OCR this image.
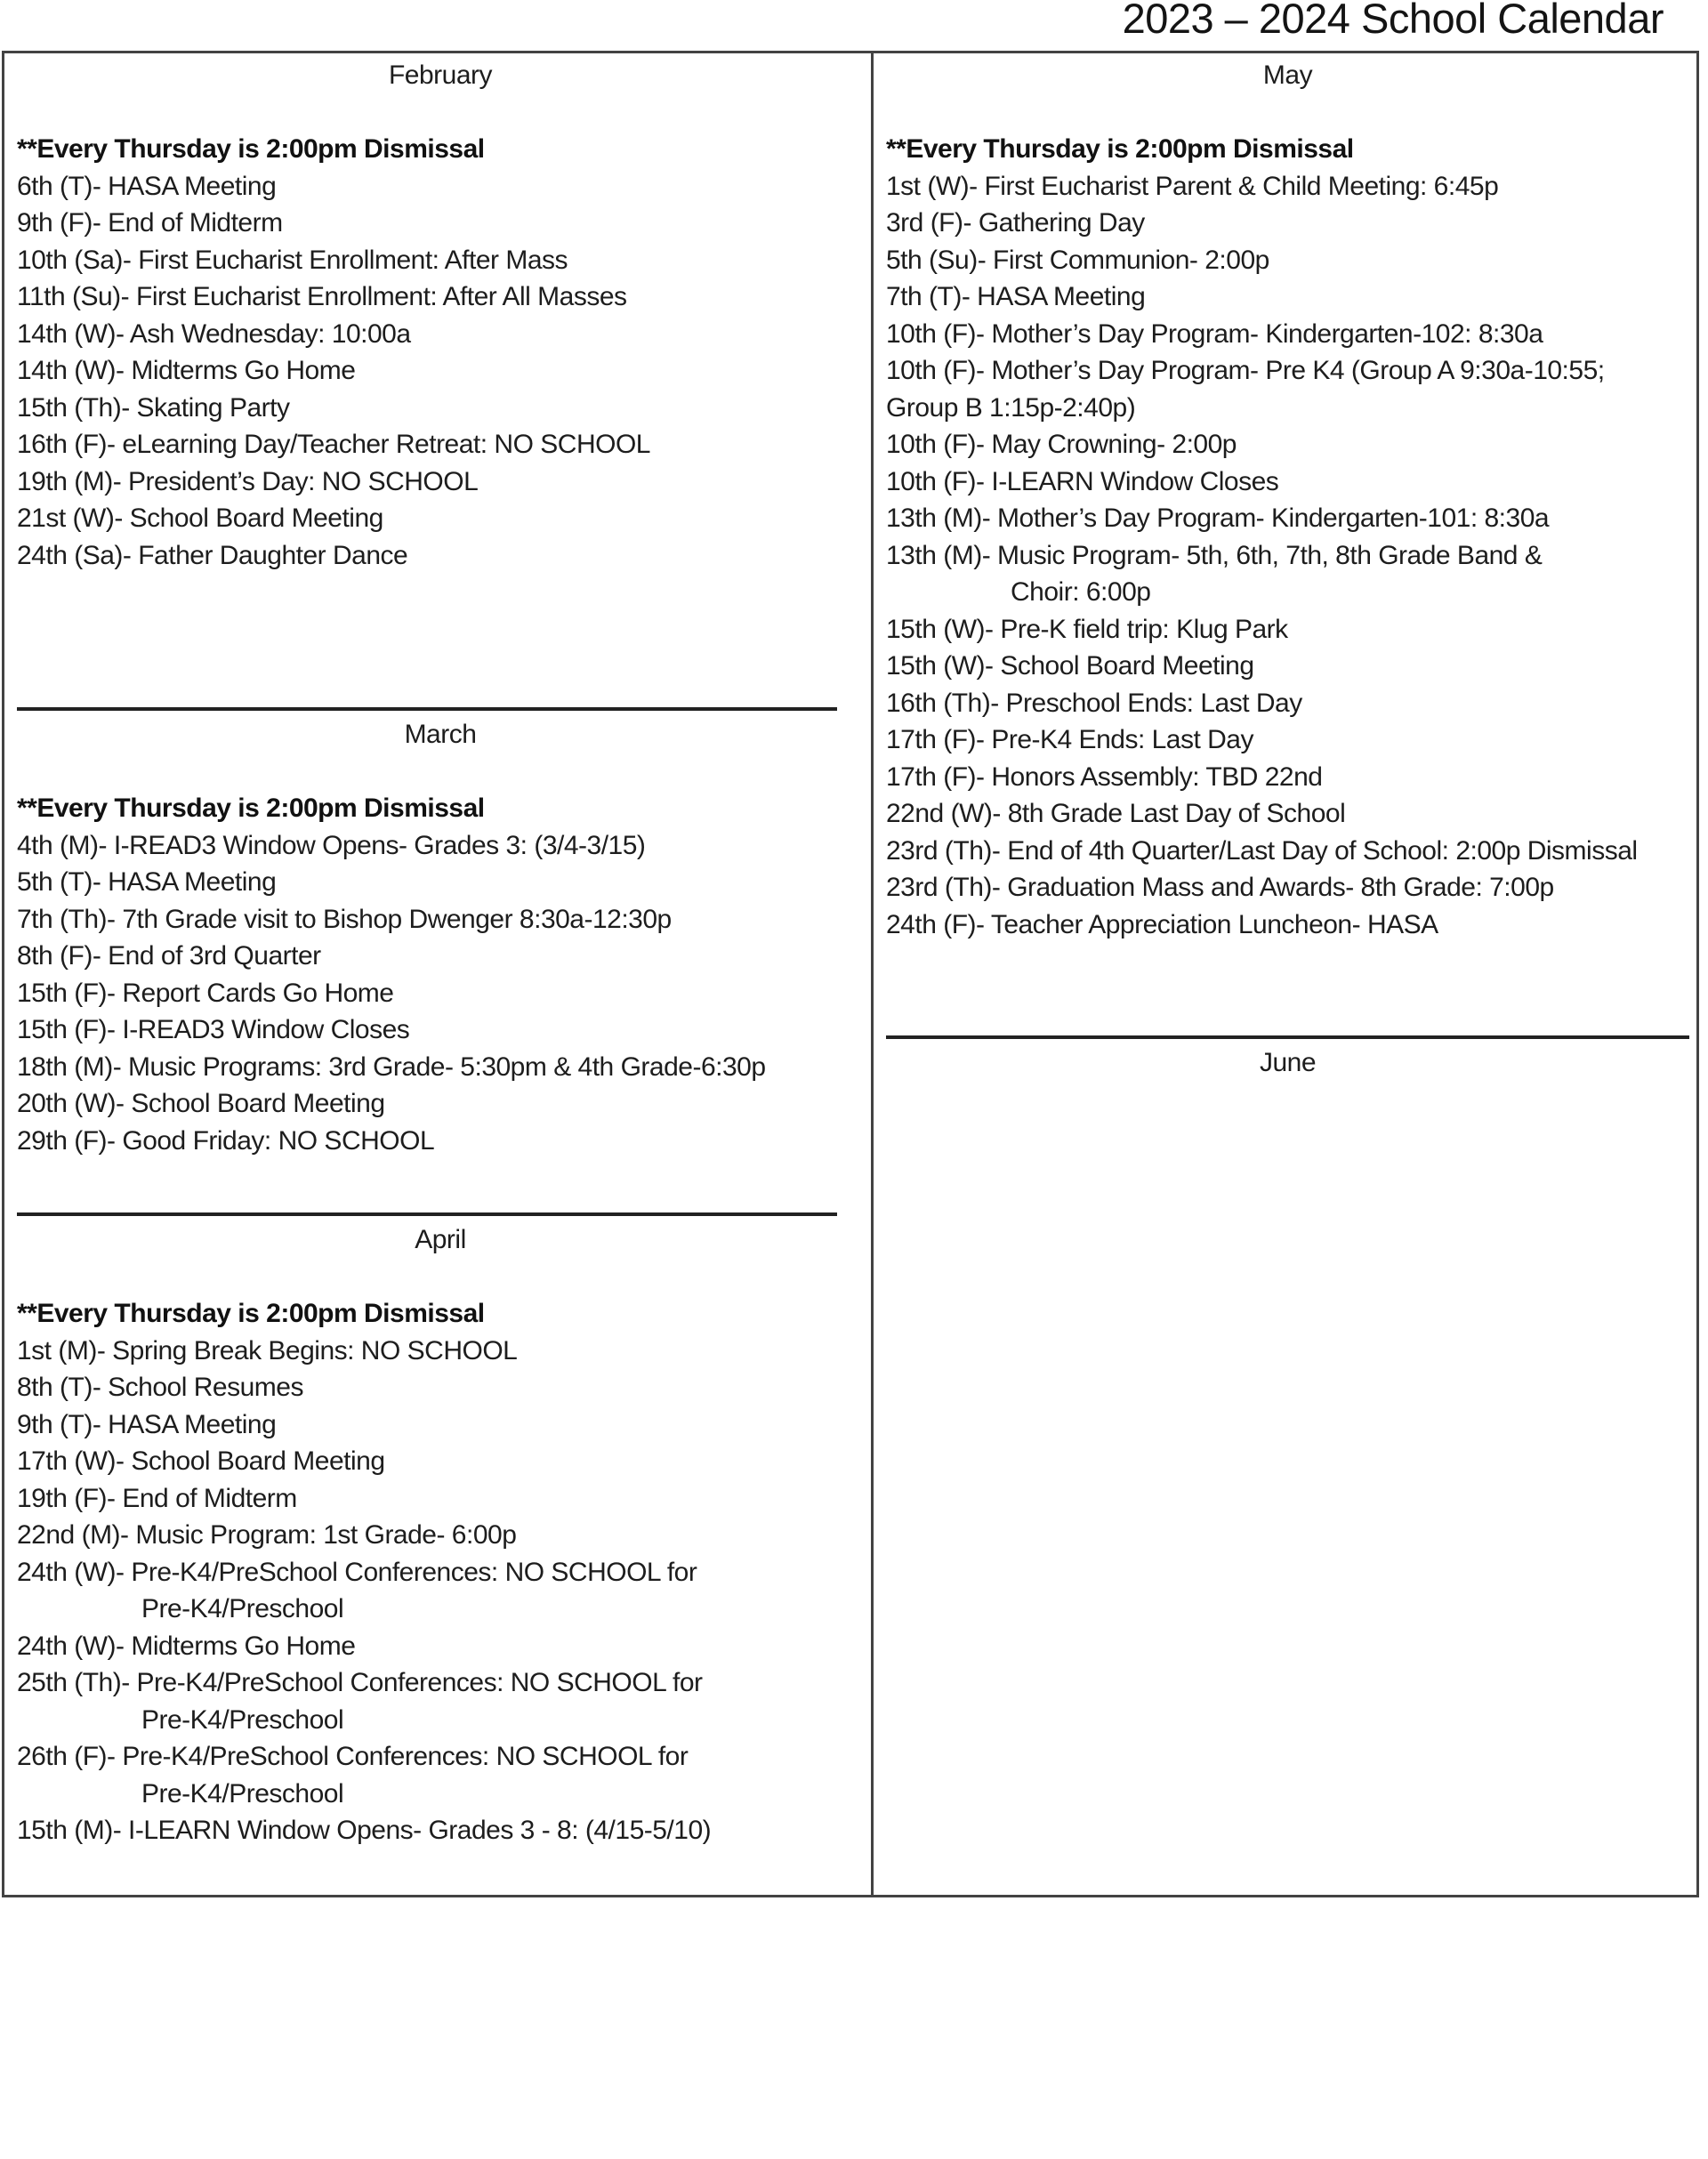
2023 – 2024 School Calendar
February
**Every Thursday is 2:00pm Dismissal
6th (T)- HASA Meeting
9th (F)- End of Midterm
10th (Sa)- First Eucharist Enrollment: After Mass
11th (Su)- First Eucharist Enrollment: After All Masses
14th (W)- Ash Wednesday: 10:00a
14th (W)- Midterms Go Home
15th (Th)- Skating Party
16th (F)- eLearning Day/Teacher Retreat: NO SCHOOL
19th (M)- President’s Day: NO SCHOOL
21st (W)- School Board Meeting
24th (Sa)- Father Daughter Dance
March
**Every Thursday is 2:00pm Dismissal
4th (M)- I-READ3 Window Opens- Grades 3: (3/4-3/15)
5th (T)- HASA Meeting
7th (Th)- 7th Grade visit to Bishop Dwenger 8:30a-12:30p
8th (F)- End of 3rd Quarter
15th (F)- Report Cards Go Home
15th (F)- I-READ3 Window Closes
18th (M)- Music Programs: 3rd Grade- 5:30pm & 4th Grade-6:30p
20th (W)- School Board Meeting
29th (F)- Good Friday: NO SCHOOL
April
**Every Thursday is 2:00pm Dismissal
1st (M)- Spring Break Begins: NO SCHOOL
8th (T)- School Resumes
9th (T)- HASA Meeting
17th (W)- School Board Meeting
19th (F)- End of Midterm
22nd (M)- Music Program: 1st Grade- 6:00p
24th (W)- Pre-K4/PreSchool Conferences: NO SCHOOL for
Pre-K4/Preschool
24th (W)- Midterms Go Home
25th (Th)- Pre-K4/PreSchool Conferences: NO SCHOOL for
Pre-K4/Preschool
26th (F)- Pre-K4/PreSchool Conferences: NO SCHOOL for
Pre-K4/Preschool
15th (M)- I-LEARN Window Opens- Grades 3 - 8: (4/15-5/10)
May
**Every Thursday is 2:00pm Dismissal
1st (W)- First Eucharist Parent & Child Meeting: 6:45p
3rd (F)- Gathering Day
5th (Su)- First Communion- 2:00p
7th (T)- HASA Meeting
10th (F)- Mother’s Day Program- Kindergarten-102: 8:30a
10th (F)- Mother’s Day Program- Pre K4 (Group A 9:30a-10:55;
Group B 1:15p-2:40p)
10th (F)- May Crowning- 2:00p
10th (F)- I-LEARN Window Closes
13th (M)- Mother’s Day Program- Kindergarten-101: 8:30a
13th (M)- Music Program- 5th, 6th, 7th, 8th Grade Band &
Choir: 6:00p
15th (W)- Pre-K field trip: Klug Park
15th (W)- School Board Meeting
16th (Th)- Preschool Ends: Last Day
17th (F)- Pre-K4 Ends: Last Day
17th (F)- Honors Assembly: TBD 22nd
22nd (W)- 8th Grade Last Day of School
23rd (Th)- End of 4th Quarter/Last Day of School: 2:00p Dismissal
23rd (Th)- Graduation Mass and Awards- 8th Grade: 7:00p
24th (F)- Teacher Appreciation Luncheon- HASA
June
